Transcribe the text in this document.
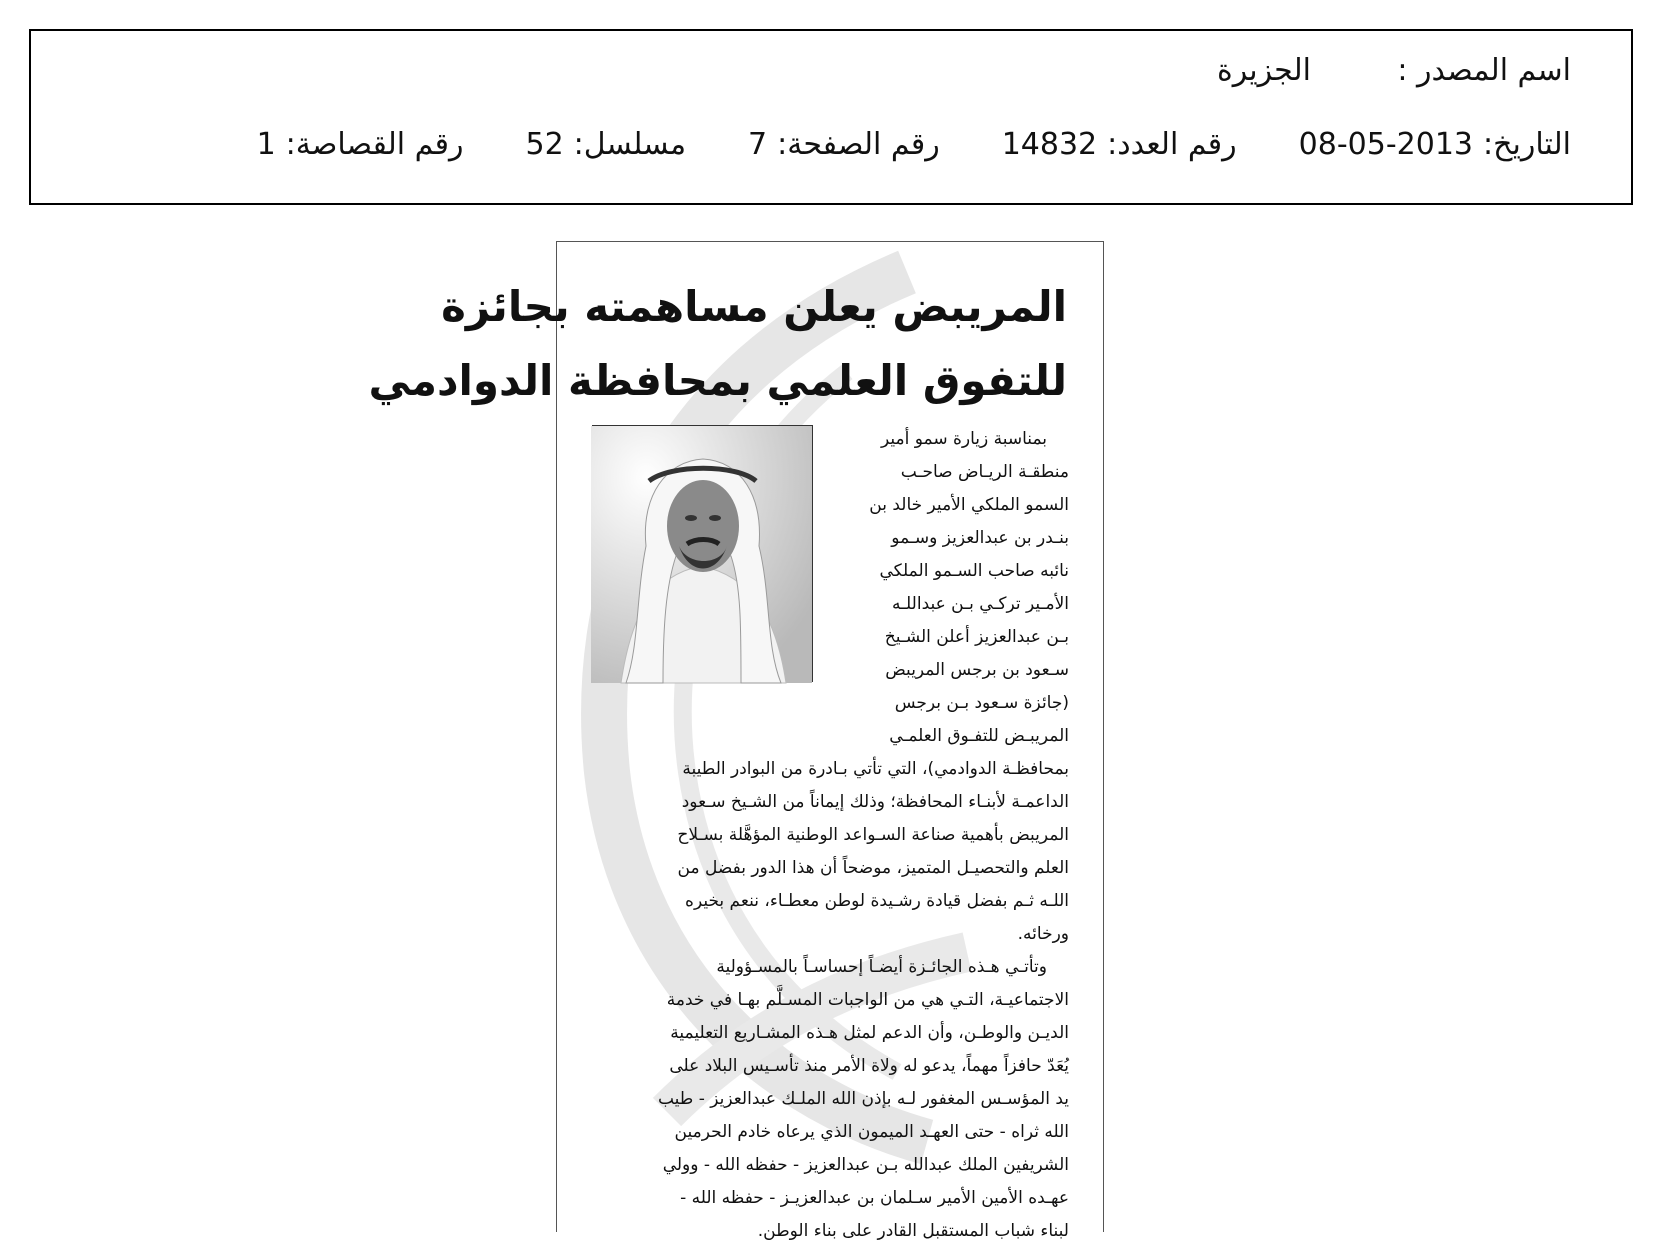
اسم المصدر :
الجزيرة
التاريخ:2013-05-08
رقم العدد:14832
رقم الصفحة:7
مسلسل:52
رقم القصاصة:1
المريبض يعلن مساهمته بجائزة
للتفوق العلمي بمحافظة الدوادمي
بمناسبة زيارة سمو أمير
منطقـة الريـاض صاحـب
السمو الملكي الأمير خالد بن
بنـدر بن عبدالعزيز وسـمو
نائبه صاحب السـمو الملكي
الأمـير تركـي بـن عبداللـه
بـن عبدالعزيز أعلن الشـيخ
سـعود بن برجس المريبض
(جائزة سـعود بـن برجس
المريبـض للتفـوق العلمـي
بمحافظـة الدوادمي)، التي تأتي بـادرة من البوادر الطيبة
الداعمـة لأبنـاء المحافظة؛ وذلك إيماناً من الشـيخ سـعود
المريبض بأهمية صناعة السـواعد الوطنية المؤهَّلة بسـلاح
العلم والتحصيـل المتميز، موضحاً أن هذا الدور بفضل من
اللـه ثـم بفضل قيادة رشـيدة لوطن معطـاء، ننعم بخيره
ورخائه.
وتأتـي هـذه الجائـزة أيضـاً إحساسـاً بالمسـؤولية
الاجتماعيـة، التـي هي من الواجبات المسـلَّم بهـا في خدمة
الديـن والوطـن، وأن الدعم لمثل هـذه المشـاريع التعليمية
يُعَدّ حافزاً مهماً، يدعو له ولاة الأمر منذ تأسـيس البلاد على
يد المؤسـس المغفور لـه بإذن الله الملـك عبدالعزيز - طيب
الله ثراه - حتى العهـد الميمون الذي يرعاه خادم الحرمين
الشريفين الملك عبدالله بـن عبدالعزيز - حفظه الله - وولي
عهـده الأمين الأمير سـلمان بن عبدالعزيـز - حفظه الله -
لبناء شباب المستقبل القادر على بناء الوطن.
